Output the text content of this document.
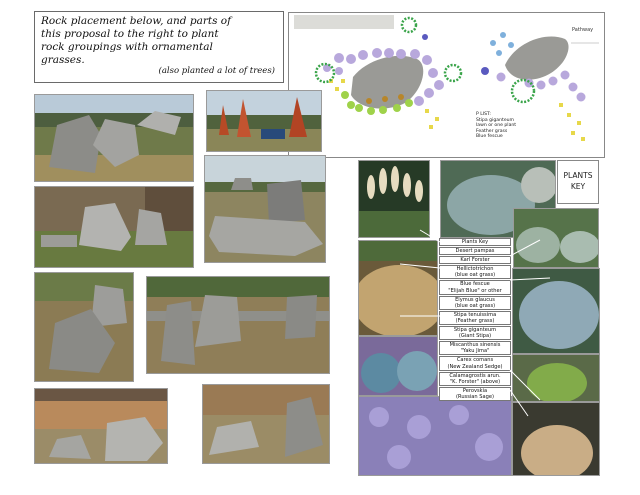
Rock placement below, and parts of
this proposal to the right to plant
rock groupings with ornamental
grasses.
(also planted a lot of trees)
Pathway
P LIST:
Stipa giganteum
lawn or one plant
Feather grass
Blue fescue
PLANTS
KEY
Plants Key
Desert pampas
Karl Forster
Hellictotrichon
(blue oat grass)
Blue fescue
"Elijah Blue" or other
Elymus glaucus
(blue oat grass)
Stipa tenuissima
(Feather grass)
Stipa giganteum
(Giant Stipa)
Miscanthus sinensis
"Yaku Jima"
Carex comans
(New Zealand Sedge)
Calamagrostis arun.
"K. Forster" (above)
Perovskia
(Russian Sage)
